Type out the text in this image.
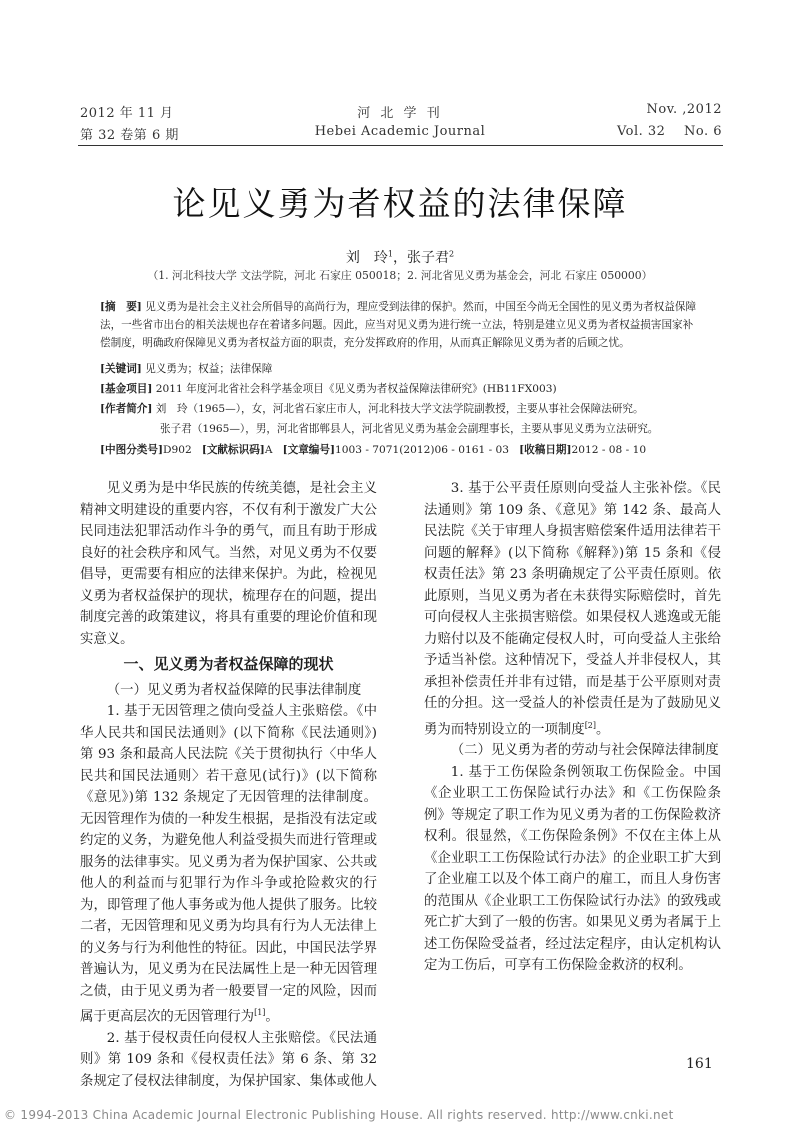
2012 年 11 月
第 32 卷第 6 期
河 北 学 刊
Hebei Academic Journal
Nov. ,2012
Vol. 32    No. 6
论见义勇为者权益的法律保障
刘　玲$^1$，张子君$^2$
（1. 河北科技大学 文法学院，河北 石家庄 050018；2. 河北省见义勇为基金会，河北 石家庄 050000）
[摘　要] 见义勇为是社会主义社会所倡导的高尚行为，理应受到法律的保护。然而，中国至今尚无全国性的见义勇为者权益保障法，一些省市出台的相关法规也存在着诸多问题。因此，应当对见义勇为进行统一立法，特别是建立见义勇为者权益损害国家补偿制度，明确政府保障见义勇为者权益方面的职责，充分发挥政府的作用，从而真正解除见义勇为者的后顾之忧。
[关键词] 见义勇为；权益；法律保障
[基金项目] 2011 年度河北省社会科学基金项目《见义勇为者权益保障法律研究》(HB11FX003)
[作者简介] 刘　玲（1965—），女，河北省石家庄市人，河北科技大学文法学院副教授，主要从事社会保障法研究。
张子君（1965—），男，河北省邯郸县人，河北省见义勇为基金会副理事长，主要从事见义勇为立法研究。
[中图分类号]D902 [文献标识码]A [文章编号]1003 - 7071(2012)06 - 0161 - 03 [收稿日期]2012 - 08 - 10

见义勇为是中华民族的传统美德，是社会主义精神文明建设的重要内容，不仅有利于激发广大公民同违法犯罪活动作斗争的勇气，而且有助于形成良好的社会秩序和风气。当然，对见义勇为不仅要倡导，更需要有相应的法律来保护。为此，检视见义勇为者权益保护的现状，梳理存在的问题，提出制度完善的政策建议，将具有重要的理论价值和现实意义。

一、见义勇为者权益保障的现状

（一）见义勇为者权益保障的民事法律制度

1. 基于无因管理之债向受益人主张赔偿。《中华人民共和国民法通则》(以下简称《民法通则》)第 93 条和最高人民法院《关于贯彻执行〈中华人民共和国民法通则〉若干意见(试行)》(以下简称《意见》)第 132 条规定了无因管理的法律制度。无因管理作为债的一种发生根据，是指没有法定或约定的义务，为避免他人利益受损失而进行管理或服务的法律事实。见义勇为者为保护国家、公共或他人的利益而与犯罪行为作斗争或抢险救灾的行为，即管理了他人事务或为他人提供了服务。比较二者，无因管理和见义勇为均具有行为人无法律上的义务与行为利他性的特征。因此，中国民法学界普遍认为，见义勇为在民法属性上是一种无因管理之债，由于见义勇为者一般要冒一定的风险，因而属于更高层次的无因管理行为[1]。

2. 基于侵权责任向侵权人主张赔偿。《民法通则》第 109 条和《侵权责任法》第 6 条、第 32 条规定了侵权法律制度，为保护国家、集体或他人

3. 基于公平责任原则向受益人主张补偿。《民法通则》第 109 条、《意见》第 142 条、最高人民法院《关于审理人身损害赔偿案件适用法律若干问题的解释》(以下简称《解释》)第 15 条和《侵权责任法》第 23 条明确规定了公平责任原则。依此原则，当见义勇为者在未获得实际赔偿时，首先可向侵权人主张损害赔偿。如果侵权人逃逸或无能力赔付以及不能确定侵权人时，可向受益人主张给予适当补偿。这种情况下，受益人并非侵权人，其承担补偿责任并非有过错，而是基于公平原则对责任的分担。这一受益人的补偿责任是为了鼓励见义勇为而特别设立的一项制度[2]。

（二）见义勇为者的劳动与社会保障法律制度

1. 基于工伤保险条例领取工伤保险金。中国《企业职工工伤保险试行办法》和《工伤保险条例》等规定了职工作为见义勇为者的工伤保险救济权利。很显然，《工伤保险条例》不仅在主体上从《企业职工工伤保险试行办法》的企业职工扩大到了企业雇工以及个体工商户的雇工，而且人身伤害的范围从《企业职工工伤保险试行办法》的致残或死亡扩大到了一般的伤害。如果见义勇为者属于上述工伤保险受益者，经过法定程序，由认定机构认定为工伤后，可享有工伤保险金救济的权利。

161
© 1994-2013 China Academic Journal Electronic Publishing House. All rights reserved. http://www.cnki.net
